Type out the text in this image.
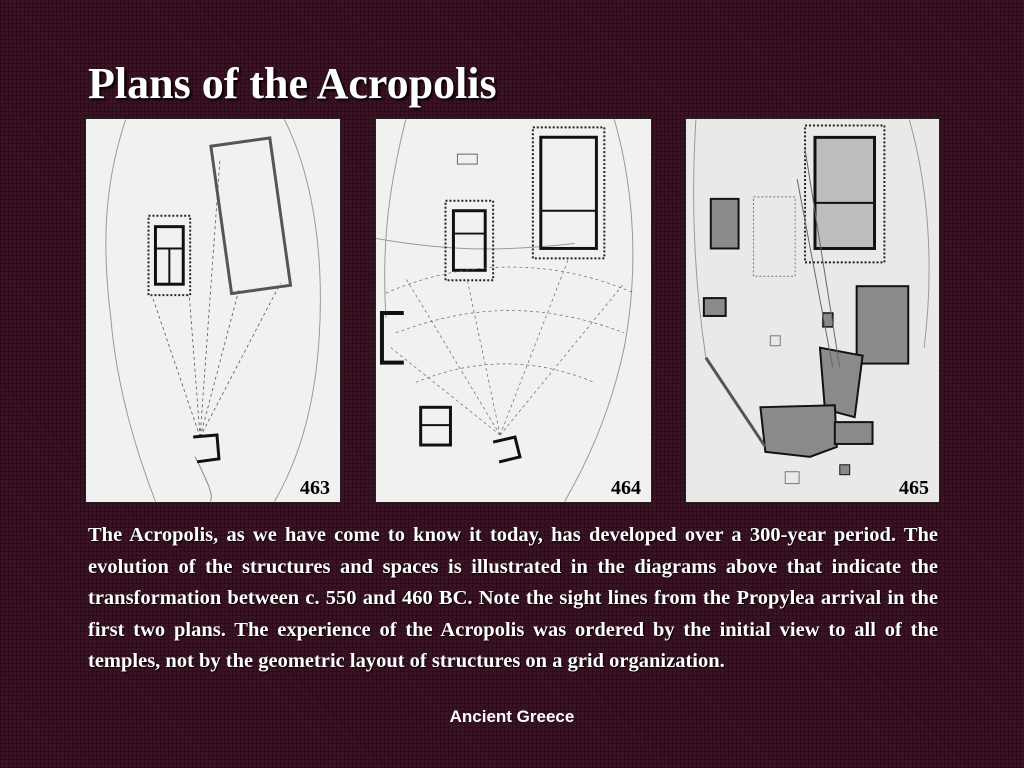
Plans of the Acropolis
463	464	465

The Acropolis, as we have come to know it today, has developed over a 300-year period. The evolution of the structures and spaces is illustrated in the diagrams above that indicate the transformation between c. 550 and 460 BC. Note the sight lines from the Propylea arrival in the first two plans. The experience of the Acropolis was ordered by the initial view to all of the temples, not by the geometric layout of structures on a grid organization.

Ancient Greece
